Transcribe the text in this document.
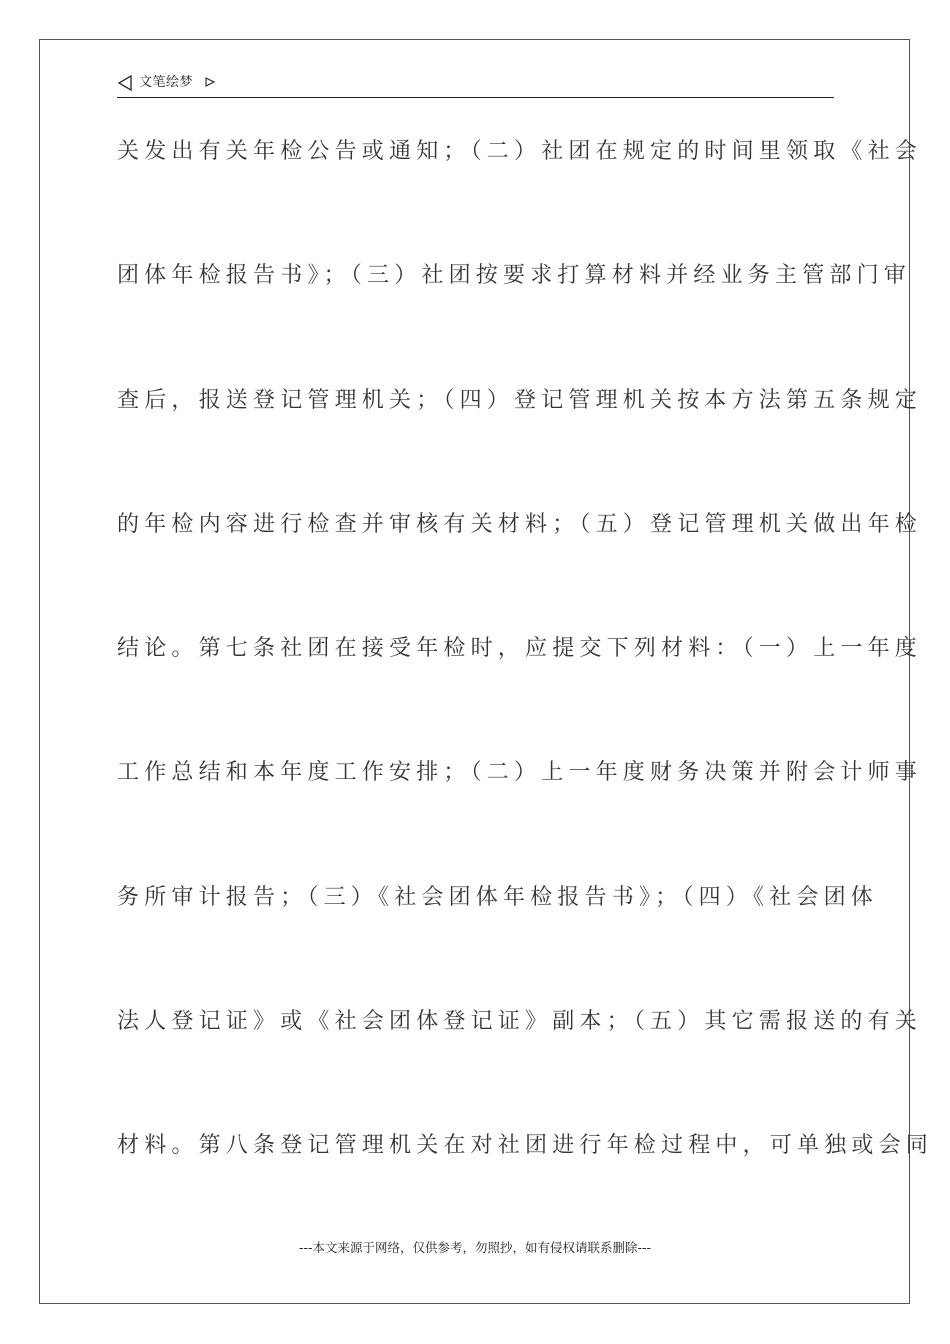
文笔绘梦
关发出有关年检公告或通知；（二）社团在规定的时间里领取《社会
团体年检报告书》；（三）社团按要求打算材料并经业务主管部门审
查后，报送登记管理机关；（四）登记管理机关按本方法第五条规定
的年检内容进行检查并审核有关材料；（五）登记管理机关做出年检
结论。第七条社团在接受年检时，应提交下列材料：（一）上一年度
工作总结和本年度工作安排；（二）上一年度财务决策并附会计师事
务所审计报告；（三）《社会团体年检报告书》；（四）《社会团体
法人登记证》或《社会团体登记证》副本；（五）其它需报送的有关
材料。第八条登记管理机关在对社团进行年检过程中，可单独或会同
---本文来源于网络，仅供参考，勿照抄，如有侵权请联系删除---
